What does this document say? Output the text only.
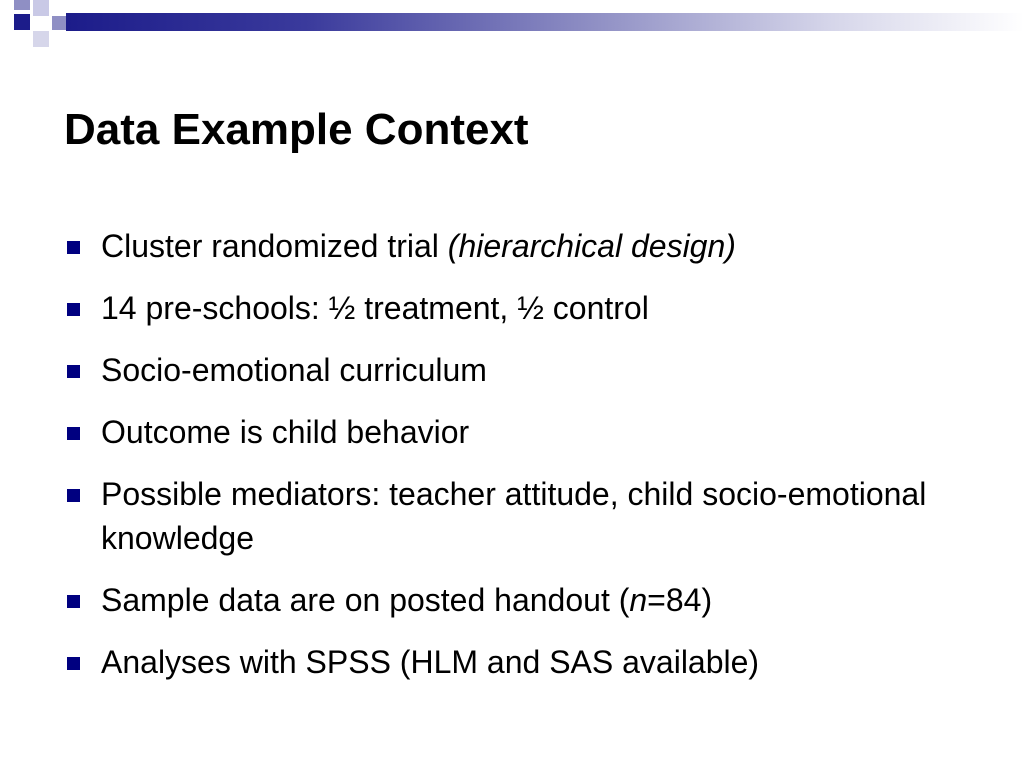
Data Example Context
Cluster randomized trial (hierarchical design)
14 pre-schools: ½ treatment, ½ control
Socio-emotional curriculum
Outcome is child behavior
Possible mediators: teacher attitude, child socio-emotional knowledge
Sample data are on posted handout (n=84)
Analyses with SPSS (HLM and SAS available)
